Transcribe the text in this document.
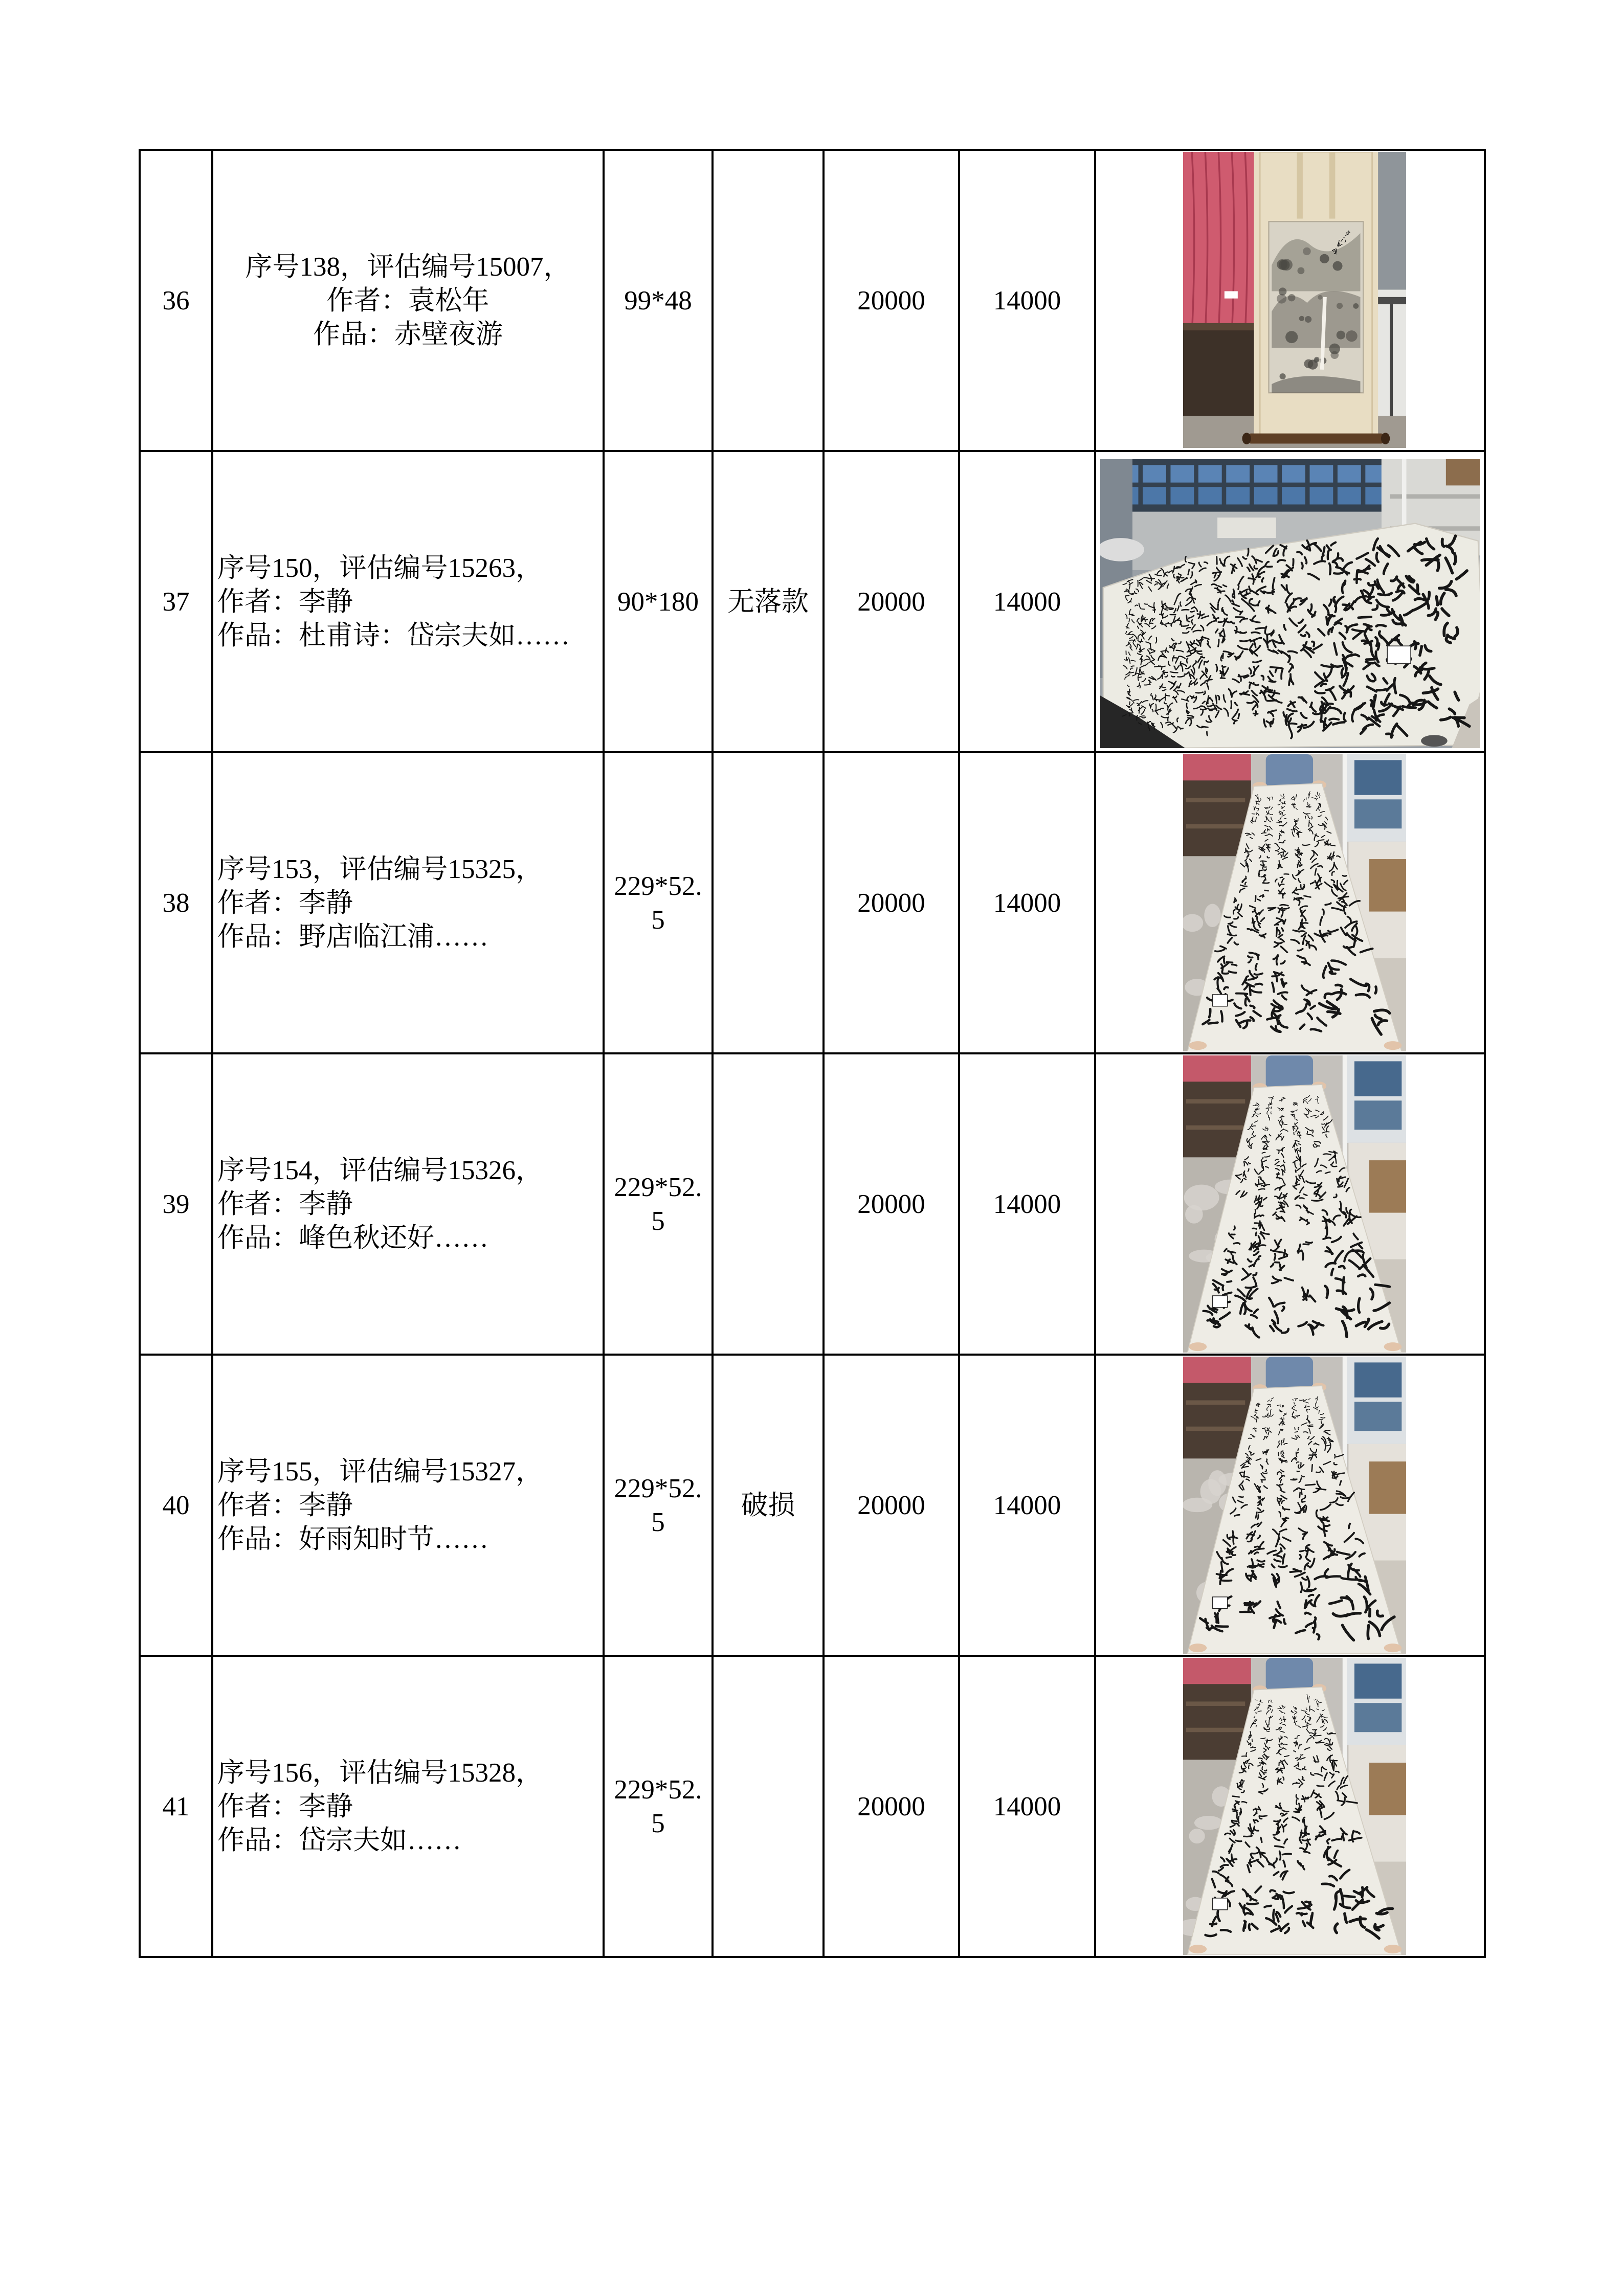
36	序号138，评估编号15007，
作者：袁松年
作品：赤壁夜游	99*48		20000	14000	

37	序号150，评估编号15263，
作者：李静
作品：杜甫诗：岱宗夫如……	90*180	无落款	20000	14000	

38	序号153，评估编号15325，
作者：李静
作品：野店临江浦……	229*52.5		20000	14000	

39	序号154，评估编号15326，
作者：李静
作品：峰色秋还好……	229*52.5		20000	14000	

40	序号155，评估编号15327，
作者：李静
作品：好雨知时节……	229*52.5	破损	20000	14000	

41	序号156，评估编号15328，
作者：李静
作品：岱宗夫如……	229*52.5		20000	14000	
